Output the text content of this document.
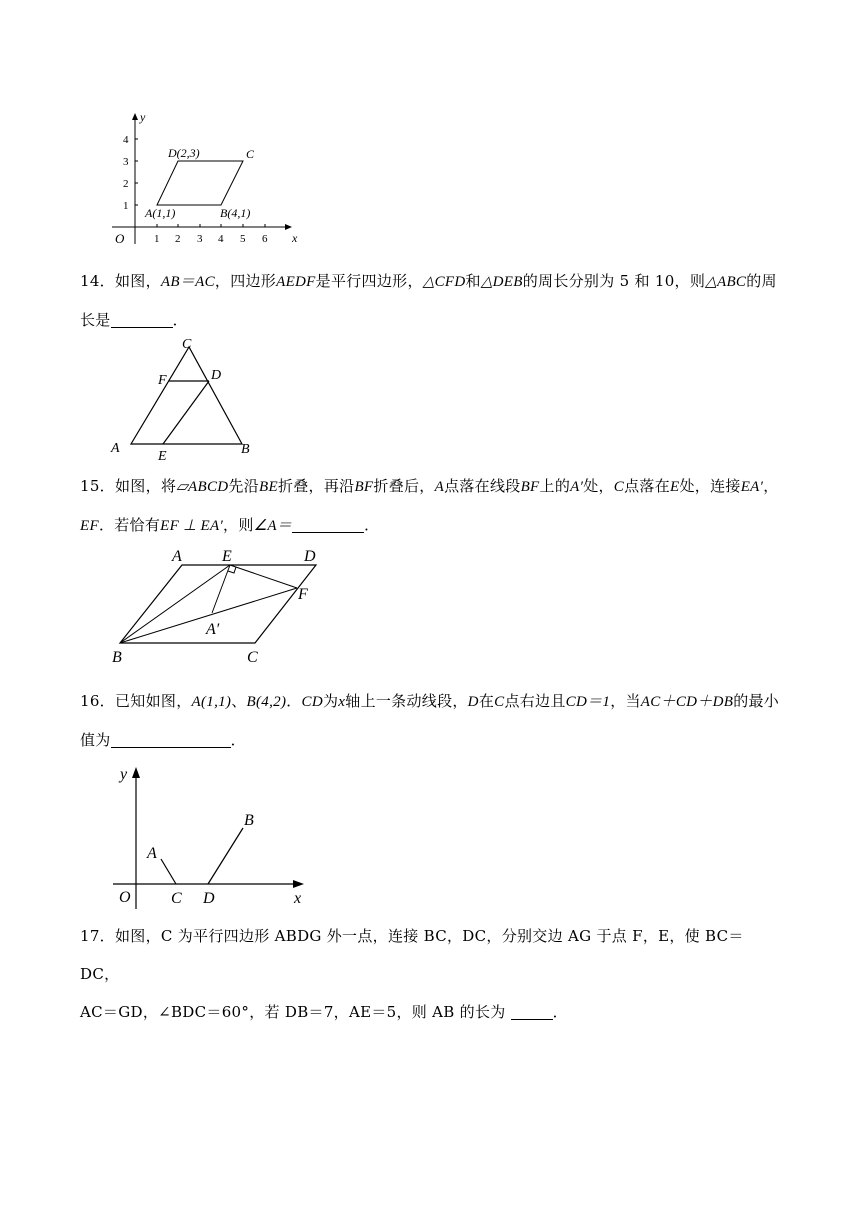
x
y
O	1 2 3 4 5 6
1
2
3
4
D(2,3)	C
A(1,1)	B(4,1)
14．如图，AB＝AC，四边形AEDF是平行四边形，△CFD和△DEB的周长分别为 5 和 10，则△ABC的周长是	．
C
F	D
A
E	B
15．如图，将▱ABCD先沿BE折叠，再沿BF折叠后，A点落在线段BF上的A′处，C点落在E处，连接EA′，EF．若恰有EF ⊥ EA′，则∠A＝	．
A	E	D
F
A′
B	C
16．已知如图，A(1,1)、B(4,2)．CD为x轴上一条动线段，D在C点右边且CD＝1，当AC＋CD＋DB的最小值为	．
y
x
O
A
B
C D
17．如图，C 为平行四边形 ABDG 外一点，连接 BC，DC，分别交边 AG 于点 F，E，使 BC＝DC，
AC＝GD，∠BDC＝60°，若 DB＝7，AE＝5，则 AB 的长为	．
